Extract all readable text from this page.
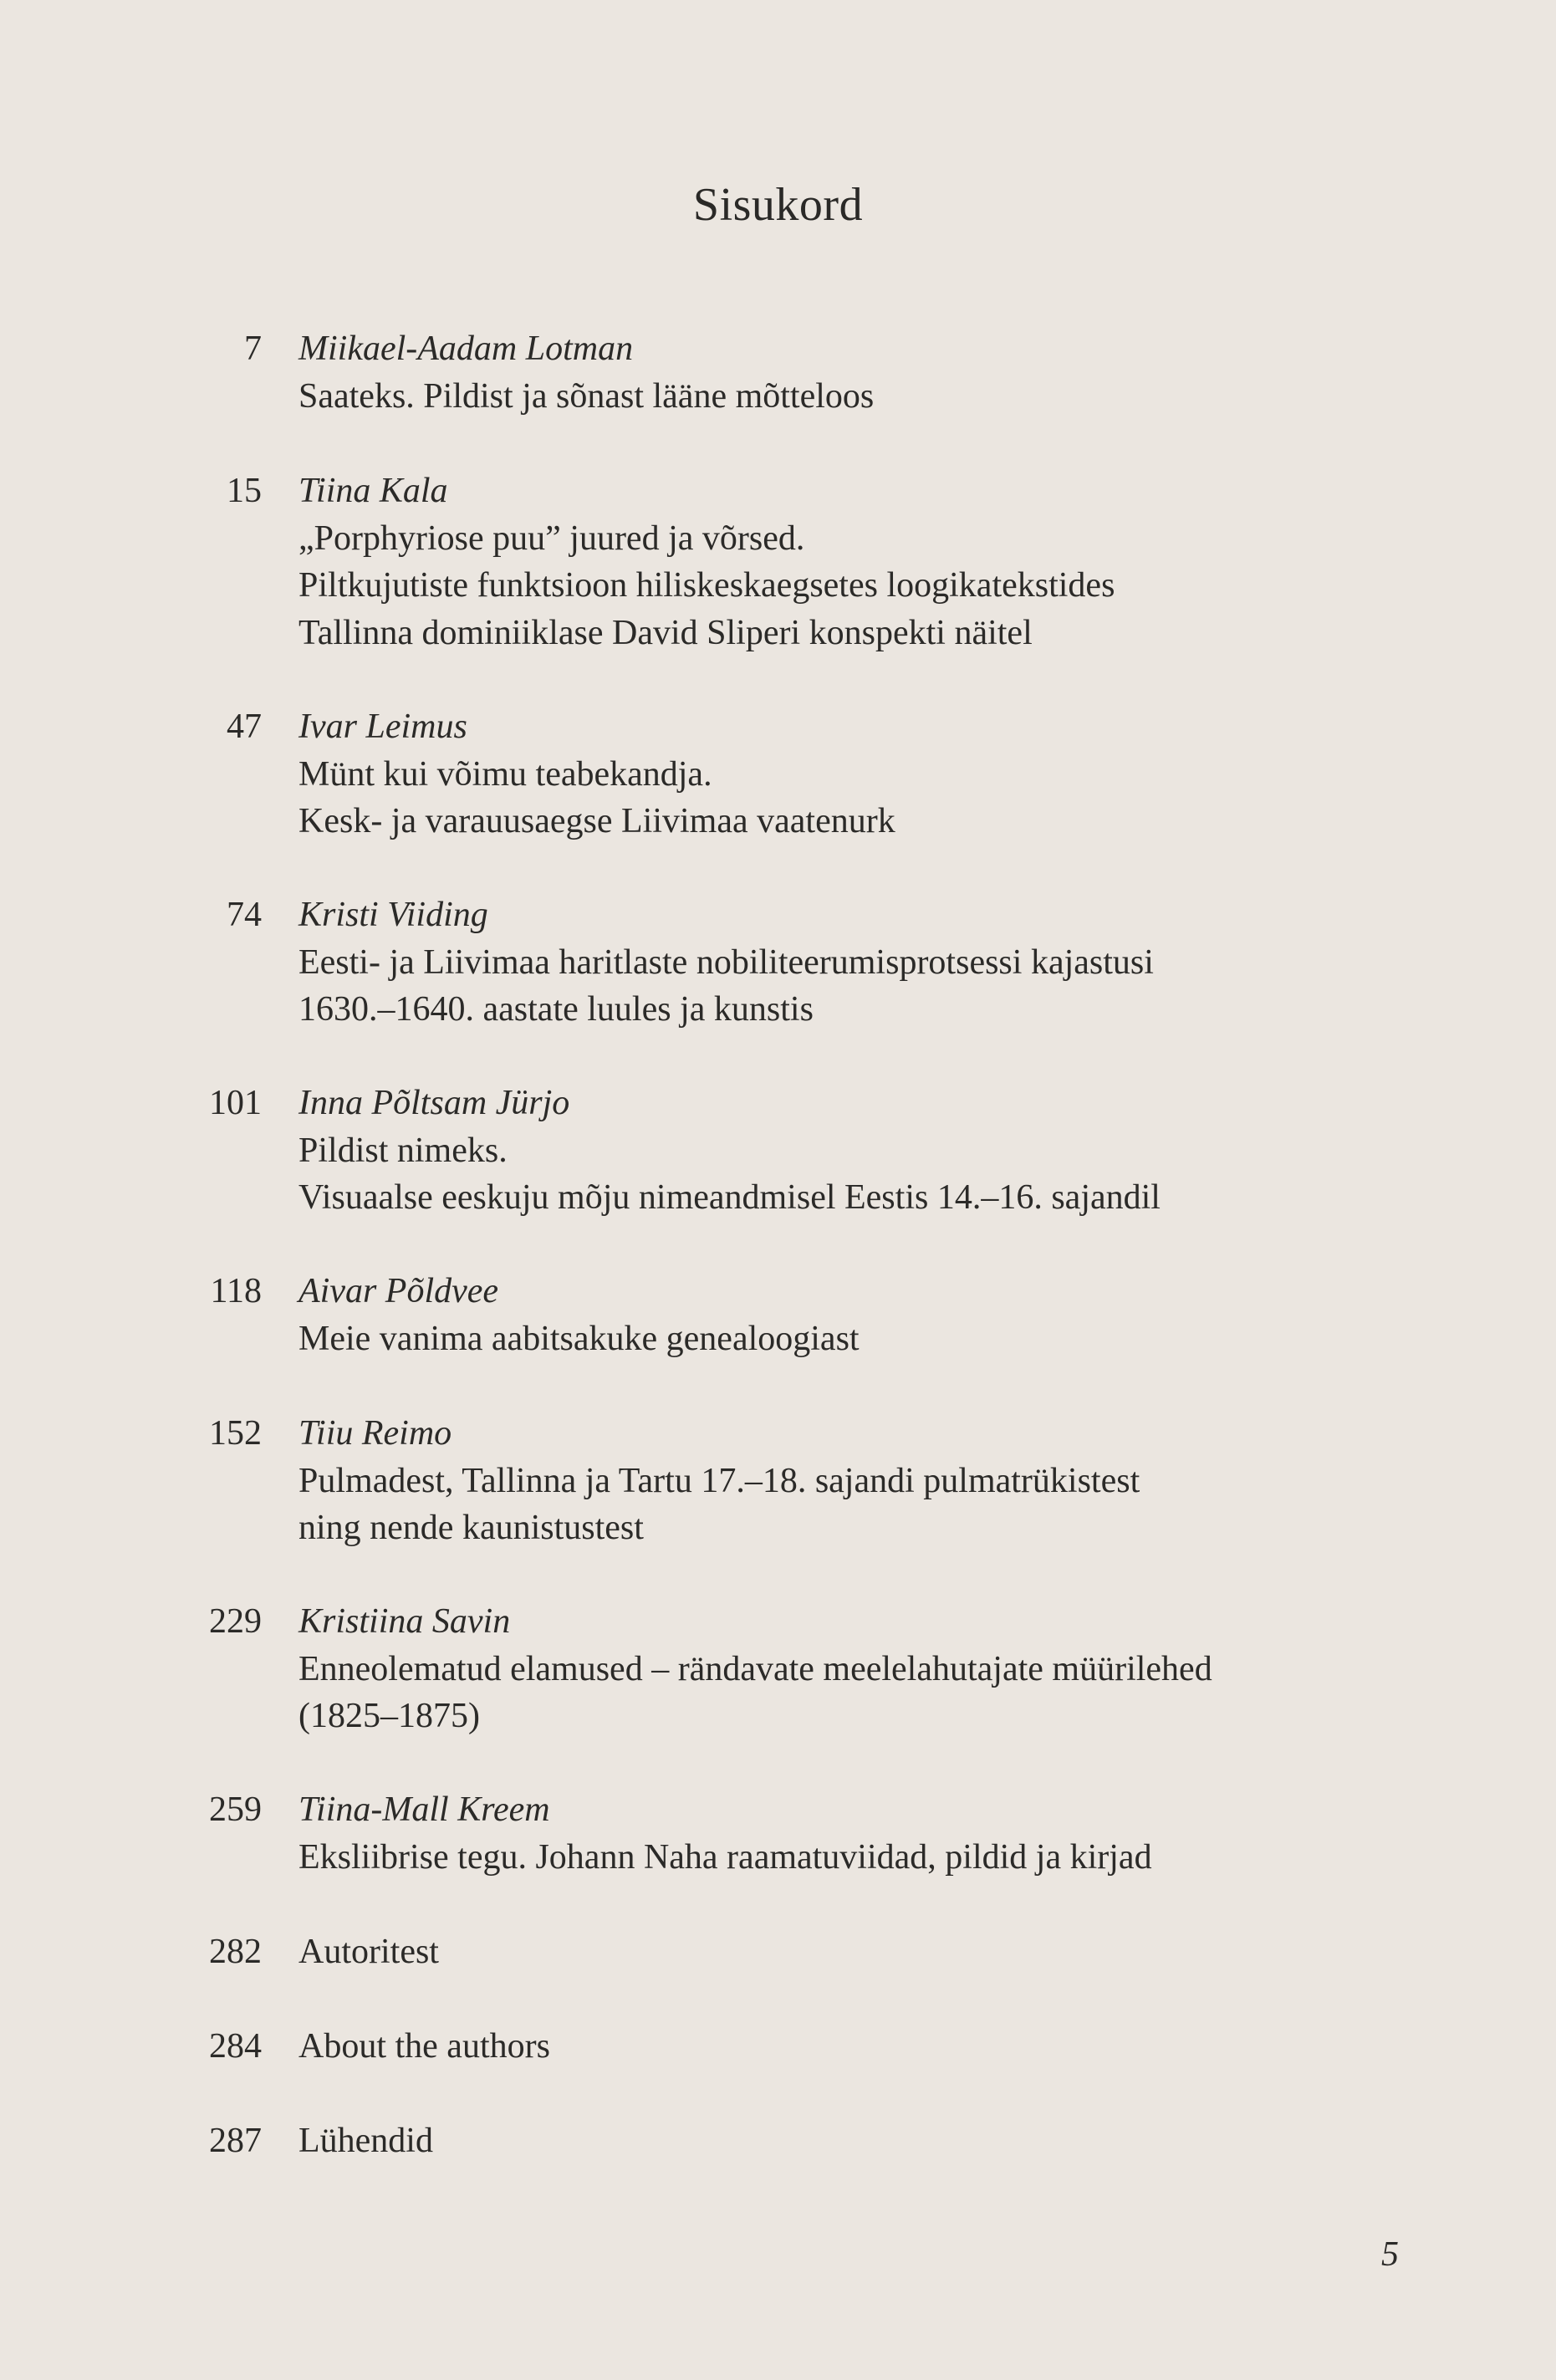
Sisukord
7 Miikael-Aadam Lotman
Saateks. Pildist ja sõnast lääne mõtteloos
15 Tiina Kala
„Porphyriose puu” juured ja võrsed.
Piltkujutiste funktsioon hiliskeskaegsetes loogikatekstides
Tallinna dominiiklase David Sliperi konspekti näitel
47 Ivar Leimus
Münt kui võimu teabekandja.
Kesk- ja varauusaegse Liivimaa vaatenurk
74 Kristi Viiding
Eesti- ja Liivimaa haritlaste nobiliteerumisprotsessi kajastusi
1630.–1640. aastate luules ja kunstis
101 Inna Põltsam Jürjo
Pildist nimeks.
Visuaalse eeskuju mõju nimeandmisel Eestis 14.–16. sajandil
118 Aivar Põldvee
Meie vanima aabitsakuke genealoogiast
152 Tiiu Reimo
Pulmadest, Tallinna ja Tartu 17.–18. sajandi pulmatrükistest
ning nende kaunistustest
229 Kristiina Savin
Enneolematud elamused – rändavate meelelahutajate müürilehed
(1825–1875)
259 Tiina-Mall Kreem
Eksliibrise tegu. Johann Naha raamatuviidad, pildid ja kirjad
282 Autoritest
284 About the authors
287 Lühendid
5
